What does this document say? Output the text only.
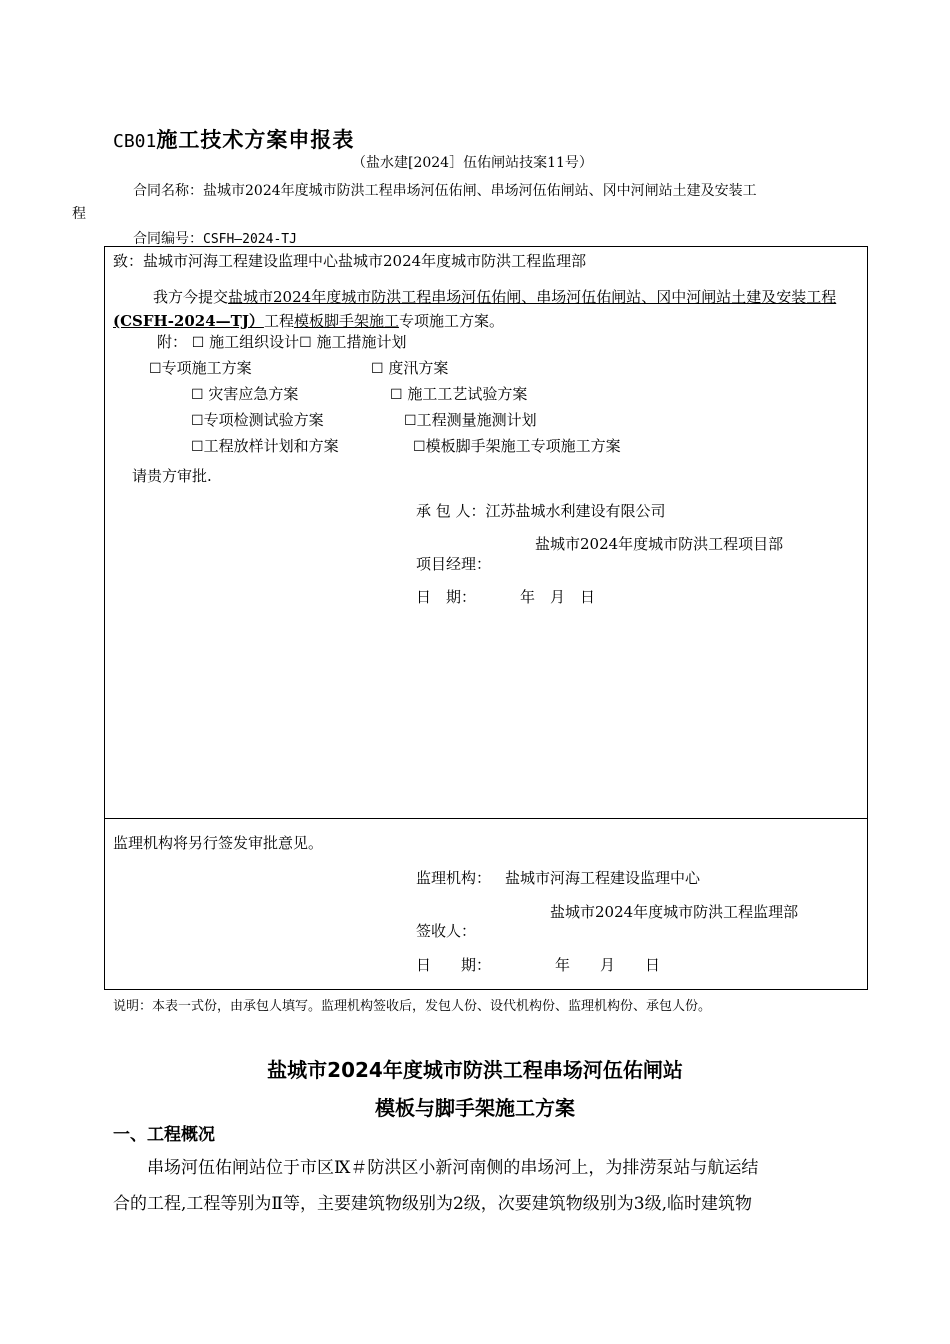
CB01施工技术方案申报表
（盐水建[2024］伍佑闸站技案11号）
合同名称：盐城市2024年度城市防洪工程串场河伍佑闸、串场河伍佑闸站、冈中河闸站土建及安装工
程
合同编号：CSFH—2024-TJ
致：盐城市河海工程建设监理中心盐城市2024年度城市防洪工程监理部
我方今提交盐城市2024年度城市防洪工程串场河伍佑闸、串场河伍佑闸站、冈中河闸站土建及安装工程(CSFH-2024—TJ）工程模板脚手架施工专项施工方案。
附： ☐ 施工组织设计☐ 施工措施计划
☐专项施工方案	☐ 度汛方案
☐ 灾害应急方案	☐ 施工工艺试验方案
☐专项检测试验方案	☐工程测量施测计划
☐工程放样计划和方案	☐模板脚手架施工专项施工方案
请贵方审批.
承 包 人：江苏盐城水利建设有限公司
盐城市2024年度城市防洪工程项目部
项目经理：
日　期：	年　月　日
监理机构将另行签发审批意见。
监理机构： 盐城市河海工程建设监理中心
盐城市2024年度城市防洪工程监理部
签收人：
日　　期：	年　　月　　日
说明：本表一式份，由承包人填写。监理机构签收后，发包人份、设代机构份、监理机构份、承包人份。
盐城市2024年度城市防洪工程串场河伍佑闸站
模板与脚手架施工方案
一、工程概况
　　串场河伍佑闸站位于市区Ⅸ＃防洪区小新河南侧的串场河上，为排涝泵站与航运结
合的工程,工程等别为Ⅱ等，主要建筑物级别为2级，次要建筑物级别为3级,临时建筑物
